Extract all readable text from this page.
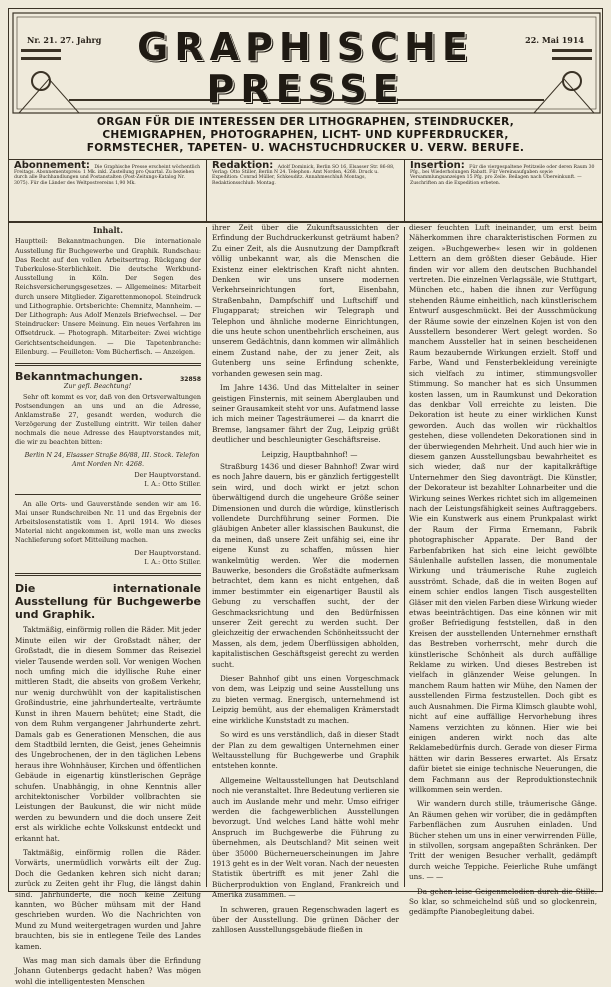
Nr. 21. 27. Jahrg	22. Mai 1914
GRAPHISCHE
PRESSE
ORGAN FÜR DIE INTERESSEN DER LITHOGRAPHEN, STEINDRUCKER,
CHEMIGRAPHEN, PHOTOGRAPHEN, LICHT- UND KUPFERDRUCKER,
FORMSTECHER, TAPETEN- U. WACHSTUCHDRUCKER U. VERW. BERUFE.
Abonnement: Die Graphische Presse erscheint wöchentlich Freitags. Abonnementspreis: 1 Mk. inkl. Zustellung pro Quartal. Zu beziehen durch alle Buchhandlungen und Postanstalten (Post-Zeitungs-Katalog Nr. 3075). Für die Länder des Weltpostvereins 1,90 Mk.
Redaktion: Adolf Dominick, Berlin SO 16, Elsasser Str. 86-88, Verlag: Otto Stiller, Berlin N 24. Telephon: Amt Norden, 4268. Druck u. Expedition: Conrad Müller, Schkeuditz. Annahmeschluß Montags, Redaktionsschluß: Montag.
Insertion: Für die viergespaltene Petitzeile oder deren Raum 30 Pfg., bei Wiederholungen Rabatt. Für Vereinsaufgaben sowie Versammlungsanzeigen 15 Pfg. pro Zeile. Beilagen nach Übereinkunft. — Zuschriften an die Expedition erbeten.
Inhalt.
Hauptteil: Bekanntmachungen. Die internationale Ausstellung für Buchgewerbe und Graphik. Rundschau: Das Recht auf den vollen Arbeitsertrag. Rückgang der Tuberkulose-Sterblichkeit. Die deutsche Werkbund-Ausstellung in Köln. Der Segen des Reichsversicherungsgesetzes. — Allgemeines: Mitarbeit durch unsere Mitglieder. Zigarettenmonopol. Steindruck und Lithographie. Ortsberichte: Chemnitz, Mannheim. — Der Lithograph: Aus Adolf Menzels Briefwechsel. — Der Steindrucker: Unsere Meinung. Ein neues Verfahren im Offsetdruck. — Photograph. Mitarbeiter: Zwei wichtige Gerichtsentscheidungen. — Die Tapetenbranche: Eilenburg. — Feuilleton: Vom Bücherfisch. — Anzeigen.
32858
Bekanntmachungen.
Zur gefl. Beachtung!

Sehr oft kommt es vor, daß von den Ortsverwaltungen Postsendungen an uns und an die Adresse, Anklamstraße 27, gesandt werden, wodurch die Verzögerung der Zustellung eintritt. Wir teilen daher nochmals die neue Adresse des Hauptvorstandes mit, die wir zu beachten bitten:

Berlin N 24, Elsasser Straße 86/88, III. Stock. Telefon Amt Norden Nr. 4268.

Der Hauptvorstand.
I. A.: Otto Stiller.

An alle Orts- und Gauverstände senden wir am 16. Mai unser Rundschreiben Nr. 11 und das Ergebnis der Arbeitslosenstatistik vom 1. April 1914. Wo dieses Material nicht angekommen ist, wolle man uns zwecks Nachlieferung sofort Mitteilung machen.

Der Hauptvorstand.
I. A.: Otto Stiller.
Die internationale Ausstellung für Buchgewerbe und Graphik.

Taktmäßig, einförmig rollen die Räder. Mit jeder Minute eilen wir der Großstadt näher, der Großstadt, die in diesem Sommer das Reiseziel vieler Tausende werden soll. Vor wenigen Wochen noch umfing mich die idyllische Ruhe einer mittleren Stadt, die abseits von großem Verkehr, nur wenig durchwühlt von der kapitalistischen Großindustrie, eine jahrhundertealte, verträumte Kunst in ihren Mauern behütet; eine Stadt, die von dem Ruhm vergangener Jahrhunderte zehrt. Damals gab es Generationen Menschen, die aus dem Stadtbild lernten, die Geist, jenes Geheimnis des Ungebrochenen, der in den täglichen Lebens heraus ihre Wohnhäuser, Kirchen und öffentlichen Gebäude in eigenartig künstlerischen Gepräge schufen. Unabhängig, in ohne Kenntnis aller architektonischer Vorbilder vollbrachten sie Leistungen der Baukunst, die wir nicht müde werden zu bewundern und die doch unsere Zeit erst als wirkliche echte Volkskunst entdeckt und erkannt hat.

Taktmäßig, einförmig rollen die Räder. Vorwärts, unermüdlich vorwärts eilt der Zug. Doch die Gedanken kehren sich nicht daran; zurück zu Zeiten geht ihr Flug, die längst dahin sind. Jahrhunderte, die noch keine Zeitung kannten, wo Bücher mühsam mit der Hand geschrieben wurden. Wo die Nachrichten von Mund zu Mund weitergetragen wurden und Jahre brauchten, bis sie in entlegene Teile des Landes kamen.

Was mag man sich damals über die Erfindung Johann Gutenbergs gedacht haben? Was mögen wohl die intelligentesten Menschen

ihrer Zeit über die Zukunftsaussichten der Erfindung der Buchdruckerkunst geträumt haben? Zu einer Zeit, als die Ausnutzung der Dampfkraft völlig unbekannt war, als die Menschen die Existenz einer elektrischen Kraft nicht ahnten. Denken wir uns unsere modernen Verkehrseinrichtungen fort, Eisenbahn, Straßenbahn, Dampfschiff und Luftschiff und Flugapparat; streichen wir Telegraph und Telephon und ähnliche moderne Einrichtungen, die uns heute schon unentbehrlich erscheinen, aus unserem Gedächtnis, dann kommen wir allmählich einem Zustand nahe, der zu jener Zeit, als Gutenberg uns seine Erfindung schenkte, vorhanden gewesen sein mag.

Im Jahre 1436. Und das Mittelalter in seiner geistigen Finsternis, mit seinem Aberglauben und seiner Grausamkeit steht vor uns. Aufatmend lasse ich mich meiner Tagesträumerei — da knarrt die Bremse, langsamer fährt der Zug, Leipzig grüßt deutlicher und beschleunigter Geschäftsreise.

Leipzig, Hauptbahnhof! —

Straßburg 1436 und dieser Bahnhof! Zwar wird es noch Jahre dauern, bis er gänzlich fertiggestellt sein wird, und doch wirkt er jetzt schon überwältigend durch die ungeheure Größe seiner Dimensionen und durch die würdige, künstlerisch vollendete Durchführung seiner Formen. Die gläubigen Anbeter aller klassischen Baukunst, die da meinen, daß unsere Zeit unfähig sei, eine ihr eigene Kunst zu schaffen, müssen hier wankelmütig werden. Wer die modernen Bauwerke, besonders die Großstädte aufmerksam betrachtet, dem kann es nicht entgehen, daß immer bestimmter ein eigenartiger Baustil als Gebung zu verschaffen sucht, der der Geschmacksrichtung und den Bedürfnissen unserer Zeit gerecht zu werden sucht. Der gleichzeitig der erwachenden Schönheitssucht der Massen, als dem, jedem Überflüssigen abholden, kapitalistischen Geschäftsgeist gerecht zu werden sucht.

Dieser Bahnhof gibt uns einen Vorgeschmack von dem, was Leipzig und seine Ausstellung uns zu bieten vermag. Energisch, unternehmend ist Leipzig bemüht, aus der ehemaligen Krämerstadt eine wirkliche Kunststadt zu machen.

So wird es uns verständlich, daß in dieser Stadt der Plan zu dem gewaltigen Unternehmen einer Weltausstellung für Buchgewerbe und Graphik entstehen konnte.

Allgemeine Weltausstellungen hat Deutschland noch nie veranstaltet. Ihre Bedeutung verlieren sie auch im Auslande mehr und mehr. Umso eifriger werden die fachgewerblichen Ausstellungen bevorzugt. Und welches Land hätte wohl mehr Anspruch im Buchgewerbe die Führung zu übernehmen, als Deutschland? Mit seinen weit über 35000 Bücherneuerscheinungen im Jahre 1913 geht es in der Welt voran. Nach der neuesten Statistik übertrifft es mit jener Zahl die Bücherproduktion von England, Frankreich und Amerika zusammen. —

In schweren, grauen Regenschwaden lagert es über der Ausstellung. Die grünen Dächer der zahllosen Ausstellungsgebäude fließen in

dieser feuchten Luft ineinander, um erst beim Näherkommen ihre charakteristischen Formen zu zeigen. »Buchgewerbe« lesen wir in goldenen Lettern an dem größten dieser Gebäude. Hier finden wir vor allem den deutschen Buchhandel vertreten. Die einzelnen Verlagssäle, wie Stuttgart, München etc., haben die ihnen zur Verfügung stehenden Räume einheitlich, nach künstlerischem Entwurf ausgeschmückt. Bei der Ausschmückung der Räume sowie der einzelnen Kojen ist von den Ausstellern besonderer Wert gelegt worden. So manchem Aussteller hat in seinen bescheidenen Raum bezaubernde Wirkungen erzielt. Stoff und Farbe, Wand und Fensterbekleidung vereinigte sich vielfach zu intimer, stimmungsvoller Stimmung. So mancher hat es sich Unsummen kosten lassen, um in Raumkunst und Dekoration das denkbar Voll erreichte zu leisten. Die Dekoration ist heute zu einer wirklichen Kunst geworden. Auch das wollen wir rückhaltlos gestehen, diese vollendeten Dekorationen sind in der überwiegenden Mehrheit. Und auch hier wie in diesem ganzen Ausstellungsbau bewahrheitet es sich wieder, daß nur der kapitalkräftige Unternehmer den Sieg davonträgt. Die Künstler, der Dekorateur ist bezahlter Lohnarbeiter und die Wirkung seines Werkes richtet sich im allgemeinen nach der Leistungsfähigkeit seines Auftraggebers. Wie ein Kunstwerk aus einem Prunkpalast wirkt der Raum der Firma Ernemann, Fabrik photographischer Apparate. Der Band der Farbenfabriken hat sich eine leicht gewölbte Säulenhalle aufstellen lassen, die monumentale Wirkung und träumerische Ruhe zugleich ausströmt. Schade, daß die in weiten Bogen auf einem schier endlos langen Tisch ausgestellten Gläser mit den vielen Farben diese Wirkung wieder etwas beeinträchtigen. Das eine können wir mit großer Befriedigung feststellen, daß in den Kreisen der ausstellenden Unternehmer ernsthaft das Bestreben vorherrscht, mehr durch die künstlerische Schönheit als durch auffällige Reklame zu wirken. Und dieses Bestreben ist vielfach in glänzender Weise gelungen. In manchem Raum hatten wir Mühe, den Namen der ausstellenden Firma festzustellen. Doch gibt es auch Ausnahmen. Die Firma Klimsch glaubte wohl, nicht auf eine auffällige Hervorhebung ihres Namens verzichten zu können. Hier wie bei einigen anderen wirkt noch das alte Reklamebedürfnis durch. Gerade von dieser Firma hätten wir darin Besseres erwartet. Als Ersatz dafür bietet sie einige technische Neuerungen, die dem Fachmann aus der Reproduktionstechnik willkommen sein werden.

Wir wandern durch stille, träumerische Gänge. An Räumen gehen wir vorüber, die in gedämpften Farbenflächen zum Ausruhen einladen. Und Bücher stehen um uns in einer verwirrenden Fülle, in stilvollen, sorgsam angepaßten Schränken. Der Tritt der wenigen Besucher verhallt, gedämpft durch weiche Teppiche. Feierliche Ruhe umfängt uns. — —

Da gehen leise Geigenmelodien durch die Stille. So klar, so schmeichelnd süß und so glockenrein, gedämpfte Pianobegleitung dabei.
